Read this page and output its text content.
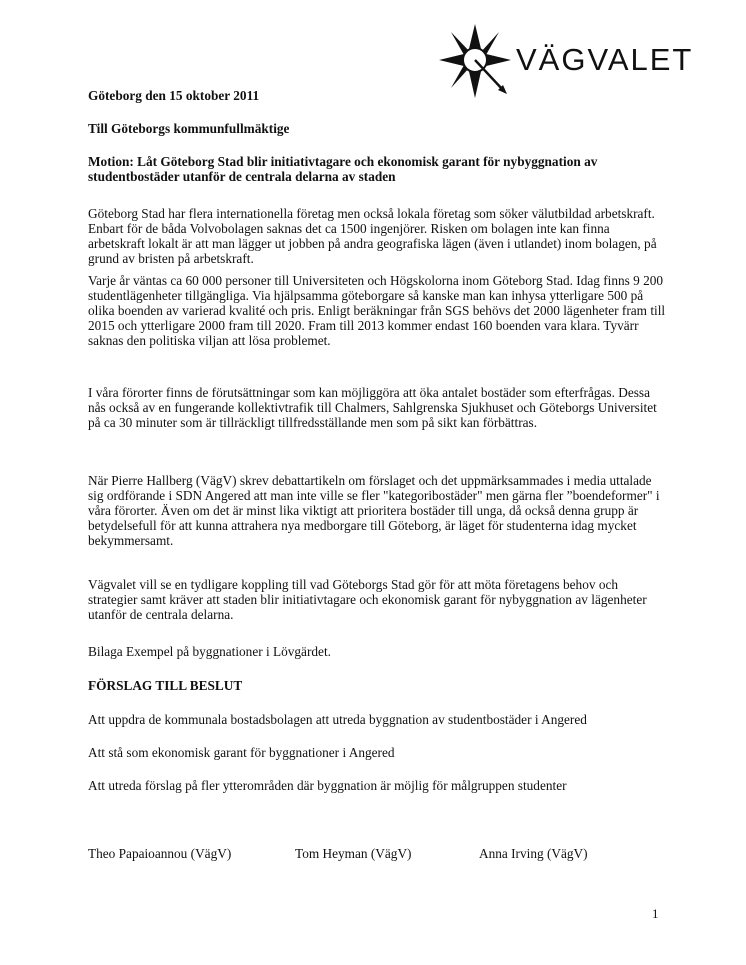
VÄGVALET

Göteborg den 15 oktober 2011

Till Göteborgs kommunfullmäktige

Motion: Låt Göteborg Stad blir initiativtagare och ekonomisk garant för nybyggnation av studentbostäder utanför de centrala delarna av staden

Göteborg Stad har flera internationella företag men också lokala företag som söker välutbildad arbetskraft. Enbart för de båda Volvobolagen saknas det ca 1500 ingenjörer. Risken om bolagen inte kan finna arbetskraft lokalt är att man lägger ut jobben på andra geografiska lägen (även i utlandet) inom bolagen, på grund av bristen på arbetskraft.

Varje år väntas ca 60 000 personer till Universiteten och Högskolorna inom Göteborg Stad. Idag finns 9 200 studentlägenheter tillgängliga. Via hjälpsamma göteborgare så kanske man kan inhysa ytterligare 500 på olika boenden av varierad kvalité och pris. Enligt beräkningar från SGS behövs det 2000 lägenheter fram till 2015 och ytterligare 2000 fram till 2020. Fram till 2013 kommer endast 160 boenden vara klara. Tyvärr saknas den politiska viljan att lösa problemet.

I våra förorter finns de förutsättningar som kan möjliggöra att öka antalet bostäder som efterfrågas. Dessa nås också av en fungerande kollektivtrafik till Chalmers, Sahlgrenska Sjukhuset och Göteborgs Universitet på ca 30 minuter som är tillräckligt tillfredsställande men som på sikt kan förbättras.

När Pierre Hallberg (VägV) skrev debattartikeln om förslaget och det uppmärksammades i media uttalade sig ordförande i SDN Angered att man inte ville se fler "kategoribostäder" men gärna fler ”boendeformer" i våra förorter. Även om det är minst lika viktigt att prioritera bostäder till unga, då också denna grupp är betydelsefull för att kunna attrahera nya medborgare till Göteborg, är läget för studenterna idag mycket bekymmersamt.

Vägvalet vill se en tydligare koppling till vad Göteborgs Stad gör för att möta företagens behov och strategier samt kräver att staden blir initiativtagare och ekonomisk garant för nybyggnation av lägenheter utanför de centrala delarna.

Bilaga Exempel på byggnationer i Lövgärdet.

FÖRSLAG TILL BESLUT

Att uppdra de kommunala bostadsbolagen att utreda byggnation av studentbostäder i Angered

Att stå som ekonomisk garant för byggnationer i Angered

Att utreda förslag på fler ytterområden där byggnation är möjlig för målgruppen studenter

Theo Papaioannou (VägV)	Tom Heyman (VägV)	Anna Irving (VägV)
1
